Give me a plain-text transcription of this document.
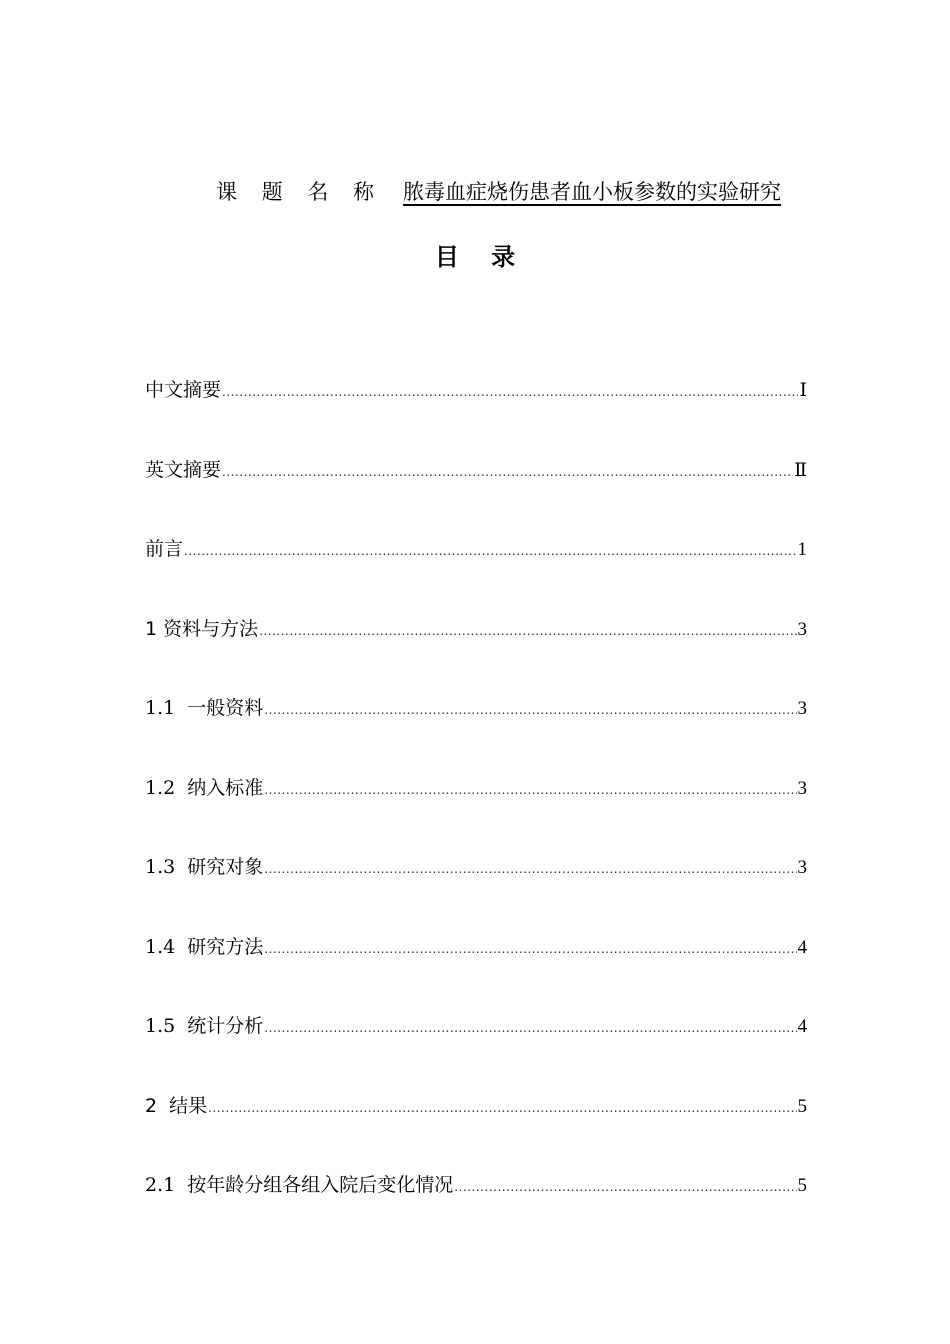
课 题 名 称 脓毒血症烧伤患者血小板参数的实验研究
目 录
中文摘要 .....	Ⅰ
英文摘要 .....	Ⅱ
前言 .....	1
1 资料与方法 .....	3
1.1  一般资料 .....	3
1.2  纳入标准 .....	3
1.3  研究对象 .....	3
1.4  研究方法 .....	4
1.5  统计分析 .....	4
2  结果 .....	5
2.1  按年龄分组各组入院后变化情况 .....	5
